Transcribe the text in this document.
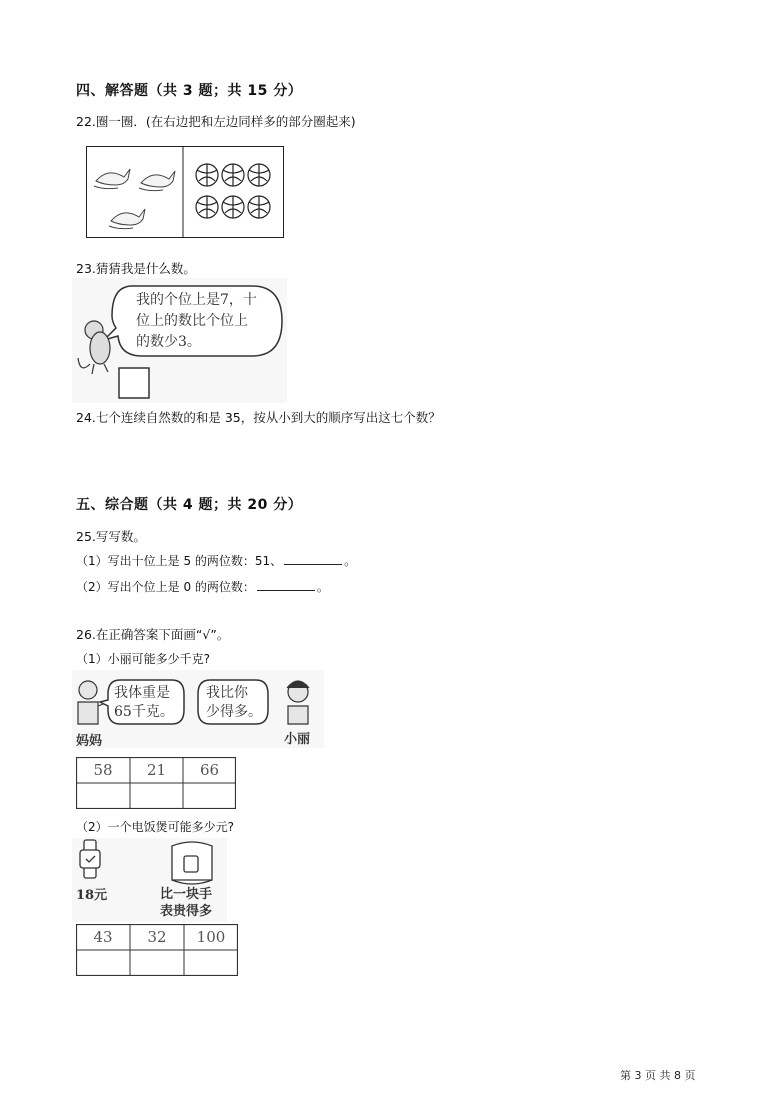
四、解答题（共 3 题；共 15 分）
22.圈一圈．(在右边把和左边同样多的部分圈起来)
23.猜猜我是什么数。
我的个位上是7，十
位上的数比个位上
的数少3。
24.七个连续自然数的和是 35，按从小到大的顺序写出这七个数？
五、综合题（共 4 题；共 20 分）
25.写写数。
（1）写出十位上是 5 的两位数：51、	。
（2）写出个位上是 0 的两位数：	。
26.在正确答案下面画“√”。
（1）小丽可能多少千克?
我体重是
65千克。
我比你
少得多。
妈妈	小丽
58	21	66
（2）一个电饭煲可能多少元?
18元	比一块手
表贵得多
43	32	100
第 3 页 共 8 页
